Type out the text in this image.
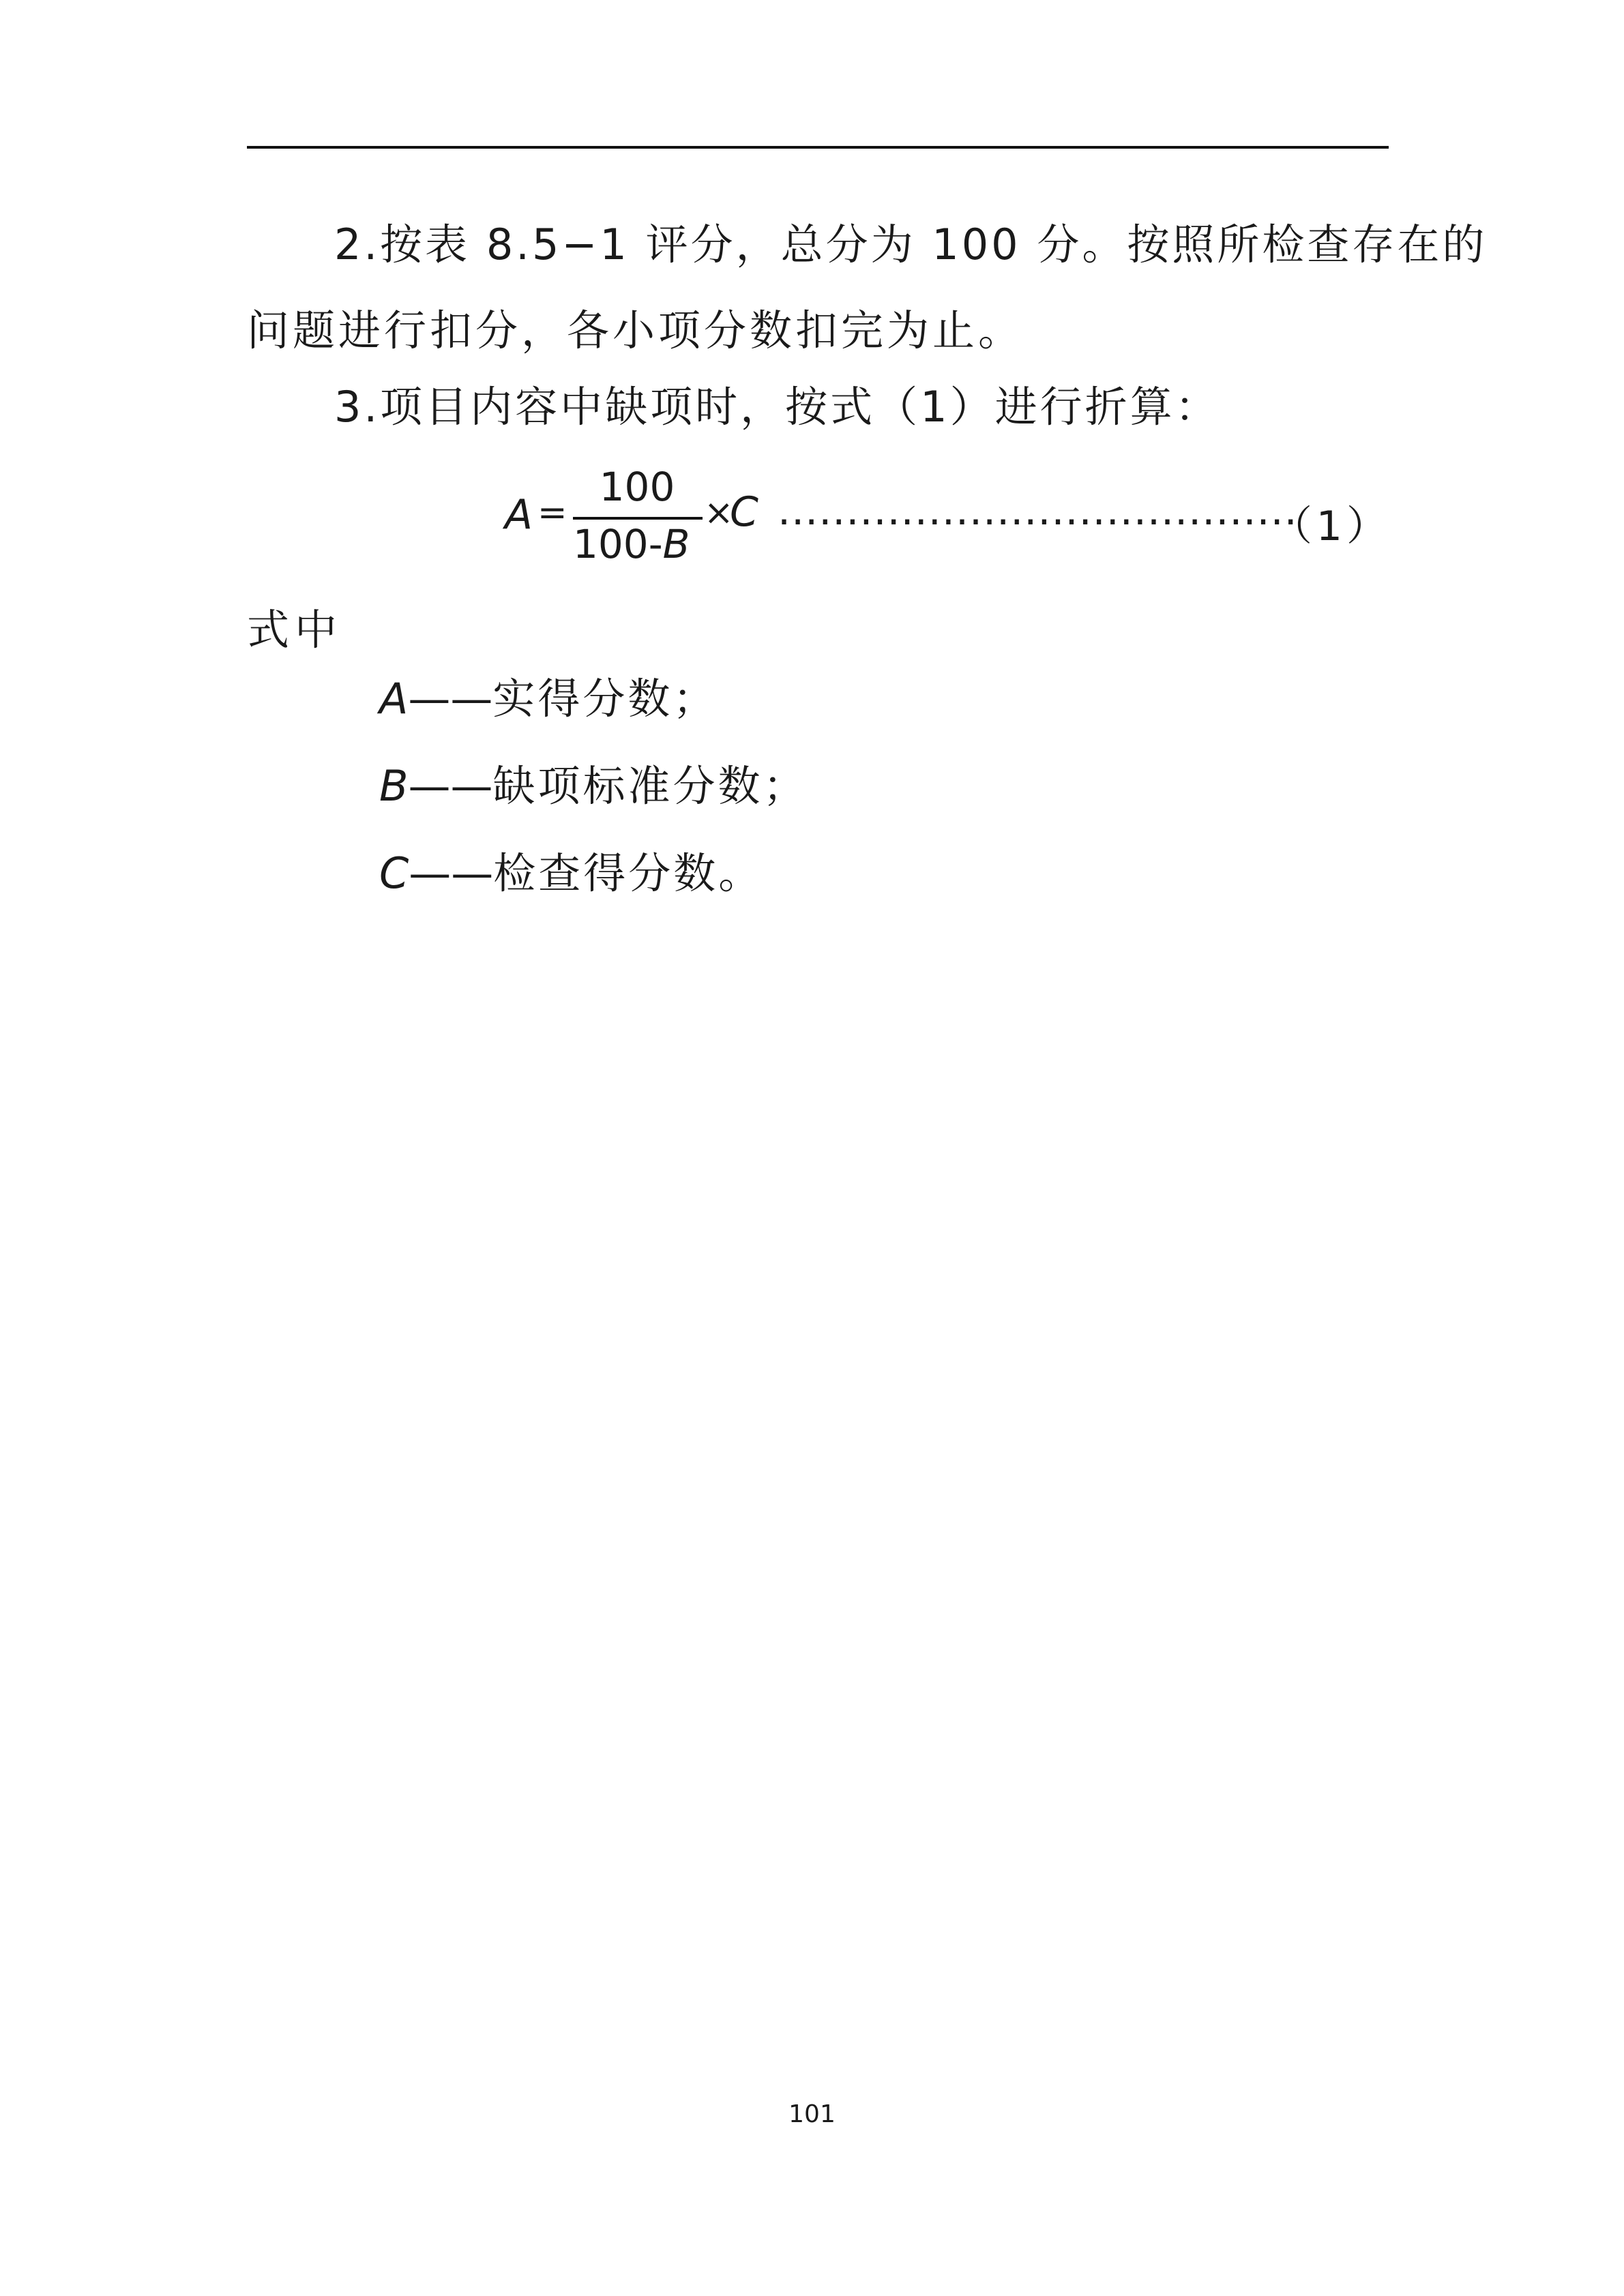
2.按表 8.5−1 评分，总分为 100 分。按照所检查存在的
问题进行扣分，各小项分数扣完为止。
3.项目内容中缺项时，按式（1）进行折算：
A =
100
100-B
×
C ......................................
（1）
式中
A——实得分数；
B——缺项标准分数；
C——检查得分数。
101
